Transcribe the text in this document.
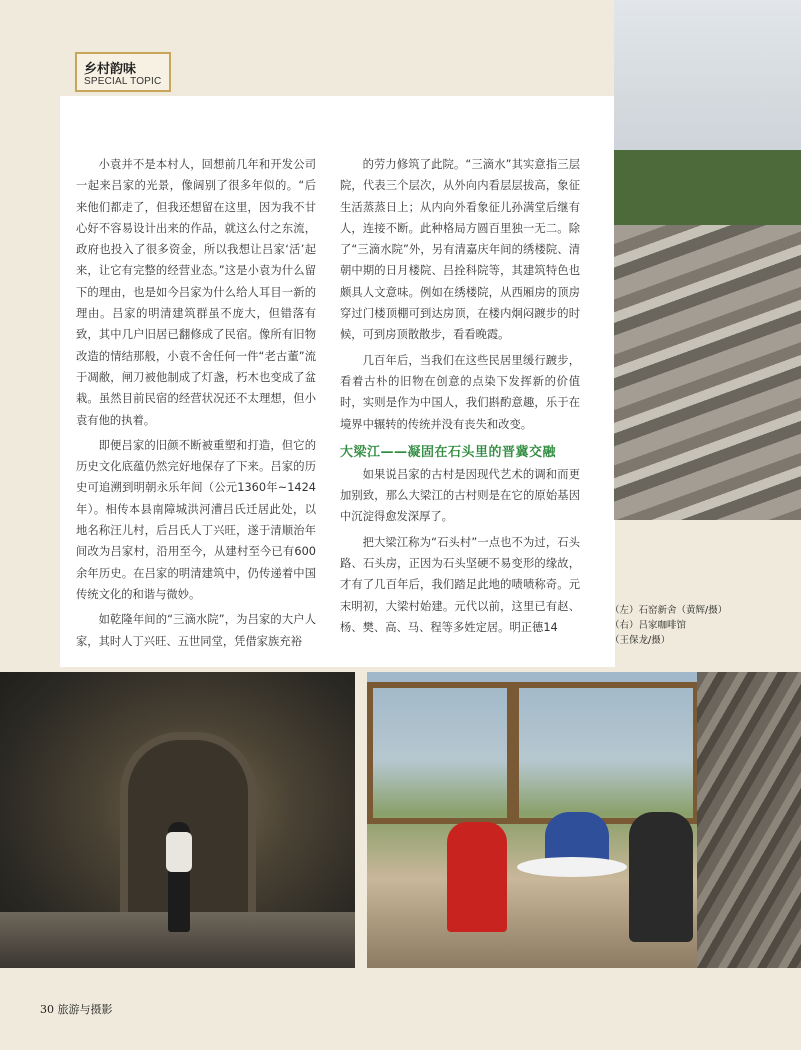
乡村韵味
SPECIAL TOPIC

小袁并不是本村人，回想前几年和开发公司一起来吕家的光景，像阔别了很多年似的。“后来他们都走了，但我还想留在这里，因为我不甘心好不容易设计出来的作品，就这么付之东流，政府也投入了很多资金，所以我想让吕家‘活’起来，让它有完整的经营业态。”这是小袁为什么留下的理由，也是如今吕家为什么给人耳目一新的理由。吕家的明清建筑群虽不庞大，但错落有致，其中几户旧居已翻修成了民宿。像所有旧物改造的情结那般，小袁不舍任何一件“老古董”流于凋敝，闸刀被他制成了灯盏，朽木也变成了盆栽。虽然目前民宿的经营状况还不太理想，但小袁有他的执着。

即便吕家的旧颜不断被重塑和打造，但它的历史文化底蕴仍然完好地保存了下来。吕家的历史可追溯到明朝永乐年间（公元1360年~1424年）。相传本县南障城洪河漕吕氏迁居此处，以地名称汪儿村，后吕氏人丁兴旺，遂于清顺治年间改为吕家村，沿用至今，从建村至今已有600余年历史。在吕家的明清建筑中，仍传递着中国传统文化的和谐与微妙。

如乾隆年间的“三滴水院”，为吕家的大户人家，其时人丁兴旺、五世同堂，凭借家族充裕

的劳力修筑了此院。“三滴水”其实意指三层院，代表三个层次，从外向内看层层拔高，象征生活蒸蒸日上；从内向外看象征儿孙满堂后继有人，连接不断。此种格局方圆百里独一无二。除了“三滴水院”外，另有清嘉庆年间的绣楼院、清朝中期的日月楼院、吕拴科院等，其建筑特色也颇具人文意味。例如在绣楼院，从西厢房的顶房穿过门楼顶棚可到达房顶，在楼内炯闷踱步的时候，可到房顶散散步，看看晚霞。

几百年后，当我们在这些民居里缓行踱步，看着古朴的旧物在创意的点染下发挥新的价值时，实则是作为中国人，我们斟酌意趣，乐于在境界中辗转的传统并没有丧失和改变。

大梁江——凝固在石头里的晋冀交融

如果说吕家的古村是因现代艺术的调和而更加别致，那么大梁江的古村则是在它的原始基因中沉淀得愈发深厚了。

把大梁江称为“石头村”一点也不为过，石头路、石头房，正因为石头坚硬不易变形的缘故，才有了几百年后，我们踏足此地的啧啧称奇。元末明初，大梁村始建。元代以前，这里已有赵、杨、樊、高、马、程等多姓定居。明正德14

（左）石窑新舍（黄辉/摄）
（右）吕家咖啡馆
（王保龙/摄）
30 旅游与摄影
